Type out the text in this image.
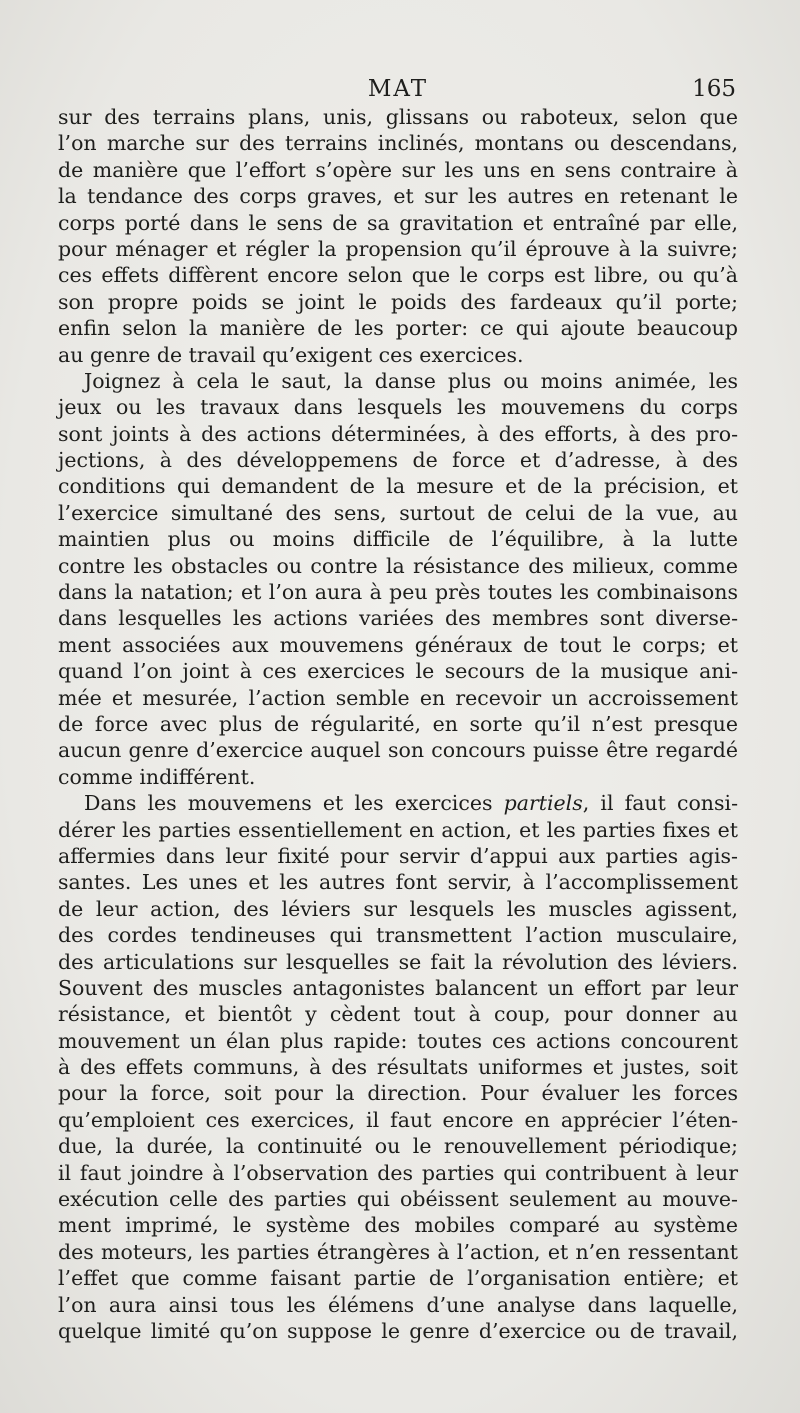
MAT	165
sur des terrains plans, unis, glissans ou raboteux, selon que
l’on marche sur des terrains inclinés, montans ou descendans,
de manière que l’effort s’opère sur les uns en sens contraire à
la tendance des corps graves, et sur les autres en retenant le
corps porté dans le sens de sa gravitation et entraîné par elle,
pour ménager et régler la propension qu’il éprouve à la suivre;
ces effets diffèrent encore selon que le corps est libre, ou qu’à
son propre poids se joint le poids des fardeaux qu’il porte;
enfin selon la manière de les porter: ce qui ajoute beaucoup
au genre de travail qu’exigent ces exercices.
Joignez à cela le saut, la danse plus ou moins animée, les
jeux ou les travaux dans lesquels les mouvemens du corps
sont joints à des actions déterminées, à des efforts, à des pro-
jections, à des développemens de force et d’adresse, à des
conditions qui demandent de la mesure et de la précision, et
l’exercice simultané des sens, surtout de celui de la vue, au
maintien plus ou moins difficile de l’équilibre, à la lutte
contre les obstacles ou contre la résistance des milieux, comme
dans la natation; et l’on aura à peu près toutes les combinaisons
dans lesquelles les actions variées des membres sont diverse-
ment associées aux mouvemens généraux de tout le corps; et
quand l’on joint à ces exercices le secours de la musique ani-
mée et mesurée, l’action semble en recevoir un accroissement
de force avec plus de régularité, en sorte qu’il n’est presque
aucun genre d’exercice auquel son concours puisse être regardé
comme indifférent.
Dans les mouvemens et les exercices partiels, il faut consi-
dérer les parties essentiellement en action, et les parties fixes et
affermies dans leur fixité pour servir d’appui aux parties agis-
santes. Les unes et les autres font servir, à l’accomplissement
de leur action, des léviers sur lesquels les muscles agissent,
des cordes tendineuses qui transmettent l’action musculaire,
des articulations sur lesquelles se fait la révolution des léviers.
Souvent des muscles antagonistes balancent un effort par leur
résistance, et bientôt y cèdent tout à coup, pour donner au
mouvement un élan plus rapide: toutes ces actions concourent
à des effets communs, à des résultats uniformes et justes, soit
pour la force, soit pour la direction. Pour évaluer les forces
qu’emploient ces exercices, il faut encore en apprécier l’éten-
due, la durée, la continuité ou le renouvellement périodique;
il faut joindre à l’observation des parties qui contribuent à leur
exécution celle des parties qui obéissent seulement au mouve-
ment imprimé, le système des mobiles comparé au système
des moteurs, les parties étrangères à l’action, et n’en ressentant
l’effet que comme faisant partie de l’organisation entière; et
l’on aura ainsi tous les élémens d’une analyse dans laquelle,
quelque limité qu’on suppose le genre d’exercice ou de travail,
